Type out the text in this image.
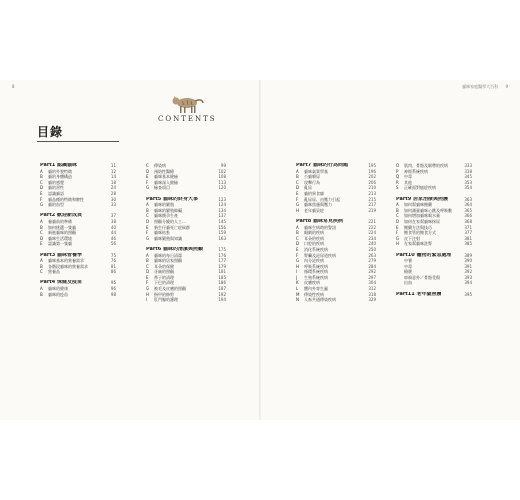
8	貓咪家庭醫學大百科 9
目錄
CONTENTS
Part1 認識貓咪	11
A 貓的外貌特徵	12
B 貓的身體構造	14
C 貓的感覺	18
D 貓的習性	24
E 認識貓語	28
F 貓品種的特徵和脾性	30
G 貓的血型	33
Part2 歡迎新成員	37
A 養貓前的準備	38
B 如何挑選一隻貓	40
C 新進貓咪的照顧	44
D 貓咪生活環境	46
E 認識第一隻貓	56
Part3 貓咪營養學	75
A 貓咪基本的營養需求	76
B 各階段貓咪的營養需求	81
C 營養品	86
Part4 保健及疫苗	95
A 貓咪的健康	96
B 貓咪的疫苗	98
C 傳染病	99
D 預防性醫療	102
E 貓咪基本健檢	108
F 貓咪深入健檢	113
G 檢查項目	120
Part5 貓咪的終身大事	123
A 貓咪的繁殖	124
B 貓咪的繁殖障礙	134
C 貓咪懷孕生產	137
D 照顧分娩的人工…	145
E 新生仔貓死亡症候群	156
F 貓咪結紮	159
G 貓咪繁殖與知識	163
Part6 貓咪的清潔與照顧	175
A 貓咪的每日清潔	176
B 貓咪的居家照顧	177
C 耳朵的保健	179
D 牙齒的照顧	181
E 鼻子的清理	185
F 下巴的清理	186
G 被毛及皮膚的照顧	187
H 指甲的修剪	192
I 肛門腺的護理	194
Part7 貓咪的行為問題	195
A 貓咪氣質學基	196
B 公貓噴尿	202
C 攻擊行為	206
D 亂尿	210
E 貓的異食癖	213
F 亂尿尿、由壓力引起	215
G 貓咪焦慮與壓力	217
H 老年貓呆症	219
Part8 貓咪常見疾病	221
A 貓咪生病時的警訊	222
B 眼睛的疾病	224
C 耳朵的疾病	234
D 口腔的疾病	240
E 消化系統疾病	250
F 腎臟及泌尿道疾病	263
G 內分泌疾病	279
H 呼吸系統疾病	284
I 循環系統疾病	292
J 生殖系統疾病	297
K 皮膚疾病	304
L 體內外寄生蟲	312
M 傳染性疾病	318
N 人畜共通傳染疾病	329
O 肌肉、骨骼及韌帶的疾病	333
P 神經系統疾病	338
Q 中毒	345
R 其他	353
S 正確面對癌症疾病	354
Part9 居家治療與照護	363
A 如何幫貓咪餵藥	364
B 如何測量貓咪心跳及呼吸數	365
C 如何增加貓咪喝水量	366
D 如何在家幫貓咪採尿	368
E 餵藥方法與技巧	371
F 餵食管的餵食方式	377
G 皮下注射	381
H 在家幫貓咪洗腎	385
Part10 寵物的緊急處理	389
中暑	390
中毒	391
燒燙	392
車禍意外／骨骼受傷	393
出血	394
Part11 老年貓照護	395
